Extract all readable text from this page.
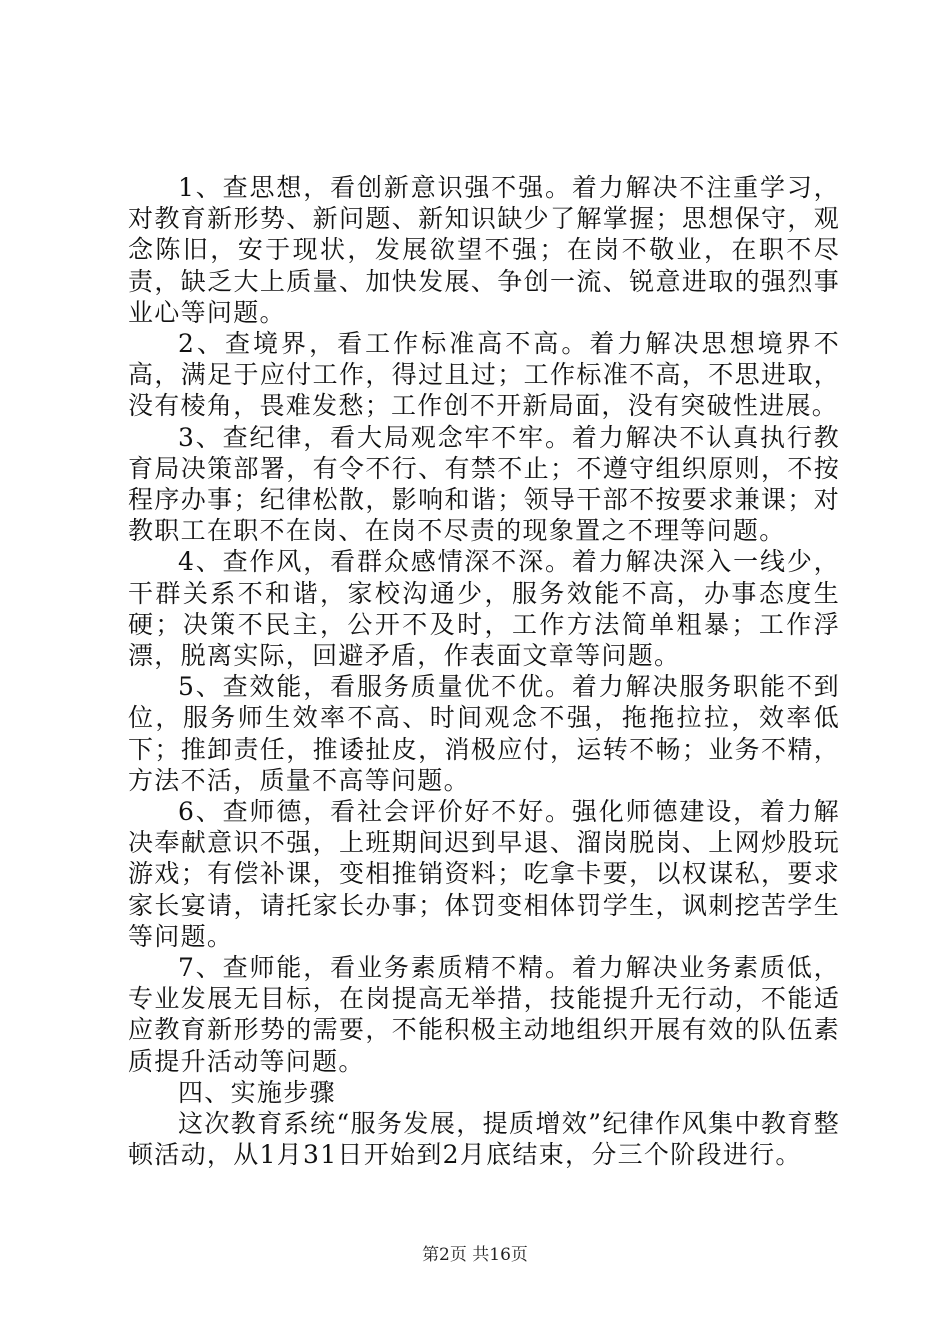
1、查思想，看创新意识强不强。着力解决不注重学习，对教育新形势、新问题、新知识缺少了解掌握；思想保守，观念陈旧，安于现状，发展欲望不强；在岗不敬业，在职不尽责，缺乏大上质量、加快发展、争创一流、锐意进取的强烈事业心等问题。

2、查境界，看工作标准高不高。着力解决思想境界不高，满足于应付工作，得过且过；工作标准不高，不思进取，没有棱角，畏难发愁；工作创不开新局面，没有突破性进展。

3、查纪律，看大局观念牢不牢。着力解决不认真执行教育局决策部署，有令不行、有禁不止；不遵守组织原则，不按程序办事；纪律松散，影响和谐；领导干部不按要求兼课；对教职工在职不在岗、在岗不尽责的现象置之不理等问题。

4、查作风，看群众感情深不深。着力解决深入一线少，干群关系不和谐，家校沟通少，服务效能不高，办事态度生硬；决策不民主，公开不及时，工作方法简单粗暴；工作浮漂，脱离实际，回避矛盾，作表面文章等问题。

5、查效能，看服务质量优不优。着力解决服务职能不到位，服务师生效率不高、时间观念不强，拖拖拉拉，效率低下；推卸责任，推诿扯皮，消极应付，运转不畅；业务不精，方法不活，质量不高等问题。

6、查师德，看社会评价好不好。强化师德建设，着力解决奉献意识不强，上班期间迟到早退、溜岗脱岗、上网炒股玩游戏；有偿补课，变相推销资料；吃拿卡要，以权谋私，要求家长宴请，请托家长办事；体罚变相体罚学生，讽刺挖苦学生等问题。

7、查师能，看业务素质精不精。着力解决业务素质低，专业发展无目标，在岗提高无举措，技能提升无行动，不能适应教育新形势的需要，不能积极主动地组织开展有效的队伍素质提升活动等问题。

四、实施步骤

这次教育系统“服务发展，提质增效”纪律作风集中教育整顿活动，从1月31日开始到2月底结束，分三个阶段进行。

第2页 共16页
